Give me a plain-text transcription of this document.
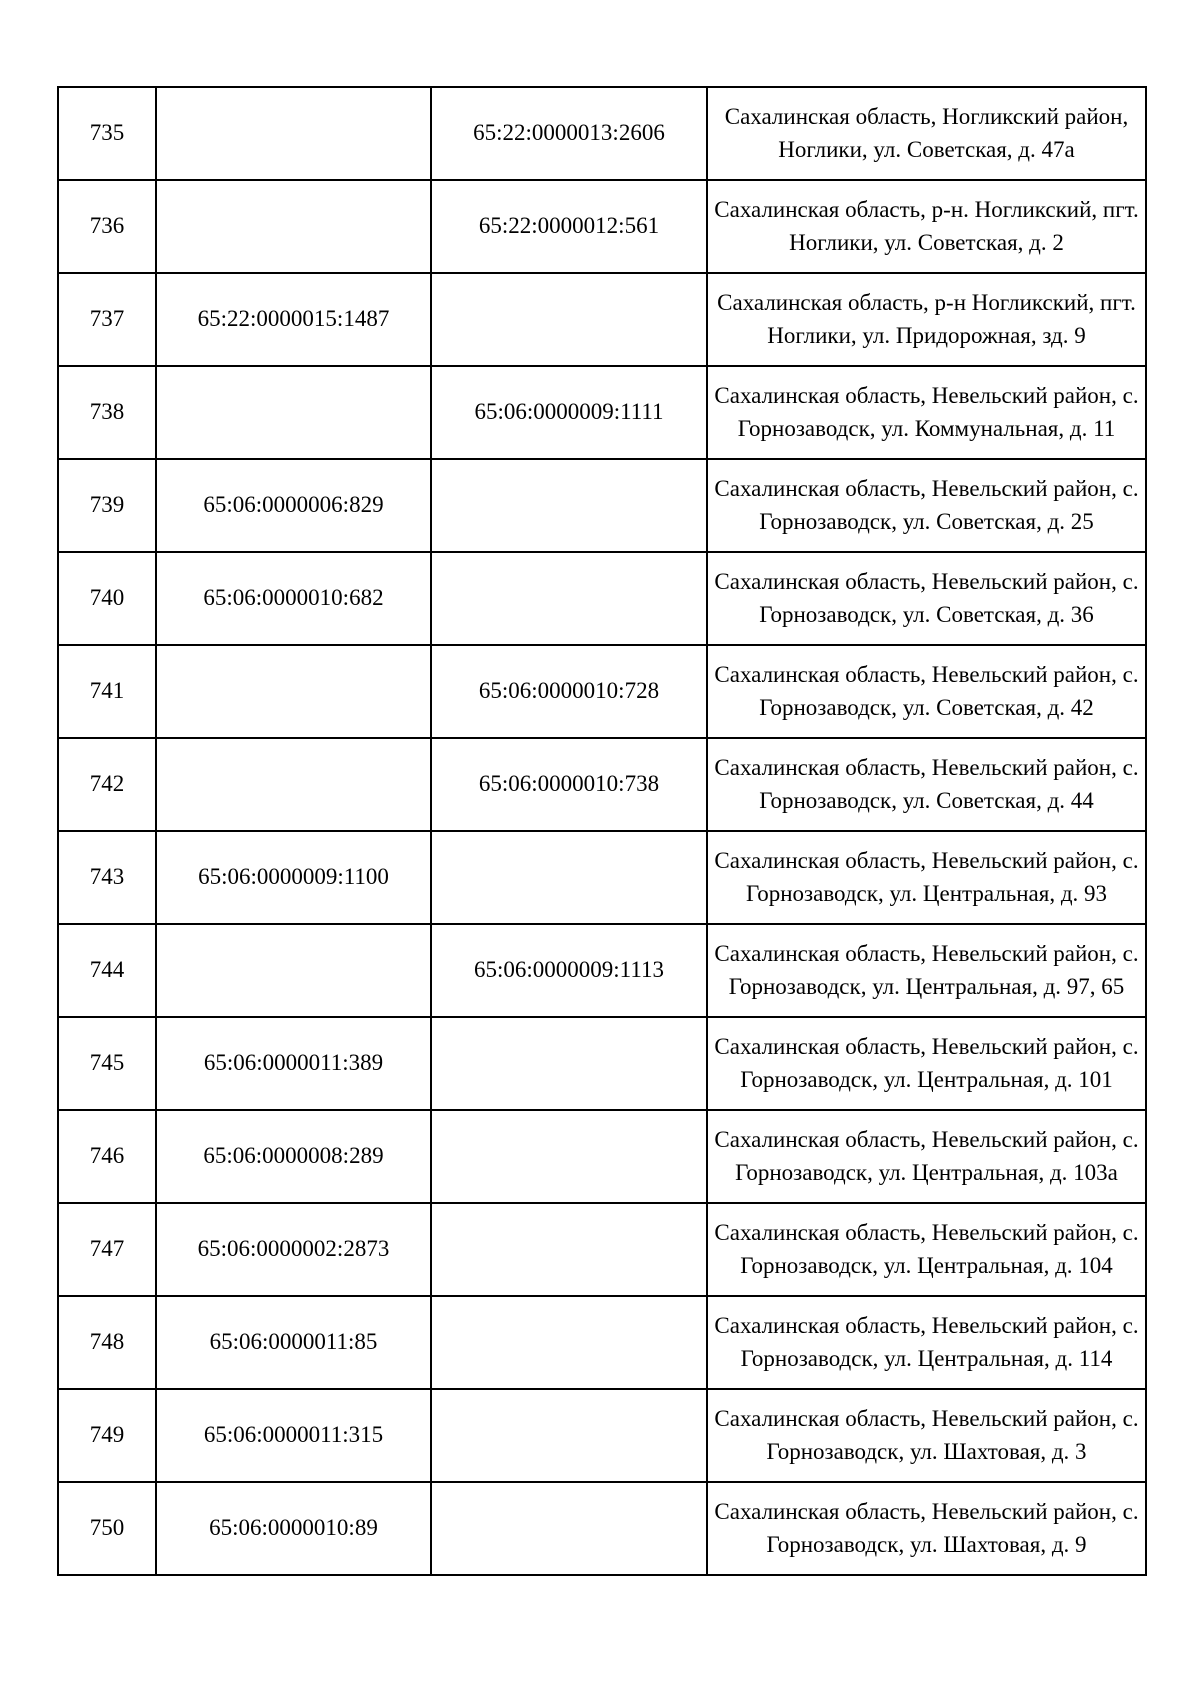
735		65:22:0000013:2606	Сахалинская область, Ногликский район, Ноглики, ул. Советская, д. 47а
736		65:22:0000012:561	Сахалинская область, р-н. Ногликский, пгт. Ноглики, ул. Советская, д. 2
737	65:22:0000015:1487		Сахалинская область, р-н Ногликский, пгт. Ноглики, ул. Придорожная, зд. 9
738		65:06:0000009:1111	Сахалинская область, Невельский район, с. Горнозаводск, ул. Коммунальная, д. 11
739	65:06:0000006:829		Сахалинская область, Невельский район, с. Горнозаводск, ул. Советская, д. 25
740	65:06:0000010:682		Сахалинская область, Невельский район, с. Горнозаводск, ул. Советская, д. 36
741		65:06:0000010:728	Сахалинская область, Невельский район, с. Горнозаводск, ул. Советская, д. 42
742		65:06:0000010:738	Сахалинская область, Невельский район, с. Горнозаводск, ул. Советская, д. 44
743	65:06:0000009:1100		Сахалинская область, Невельский район, с. Горнозаводск, ул. Центральная, д. 93
744		65:06:0000009:1113	Сахалинская область, Невельский район, с. Горнозаводск, ул. Центральная, д. 97, 65
745	65:06:0000011:389		Сахалинская область, Невельский район, с. Горнозаводск, ул. Центральная, д. 101
746	65:06:0000008:289		Сахалинская область, Невельский район, с. Горнозаводск, ул. Центральная, д. 103а
747	65:06:0000002:2873		Сахалинская область, Невельский район, с. Горнозаводск, ул. Центральная, д. 104
748	65:06:0000011:85		Сахалинская область, Невельский район, с. Горнозаводск, ул. Центральная, д. 114
749	65:06:0000011:315		Сахалинская область, Невельский район, с. Горнозаводск, ул. Шахтовая, д. 3
750	65:06:0000010:89		Сахалинская область, Невельский район, с. Горнозаводск, ул. Шахтовая, д. 9
